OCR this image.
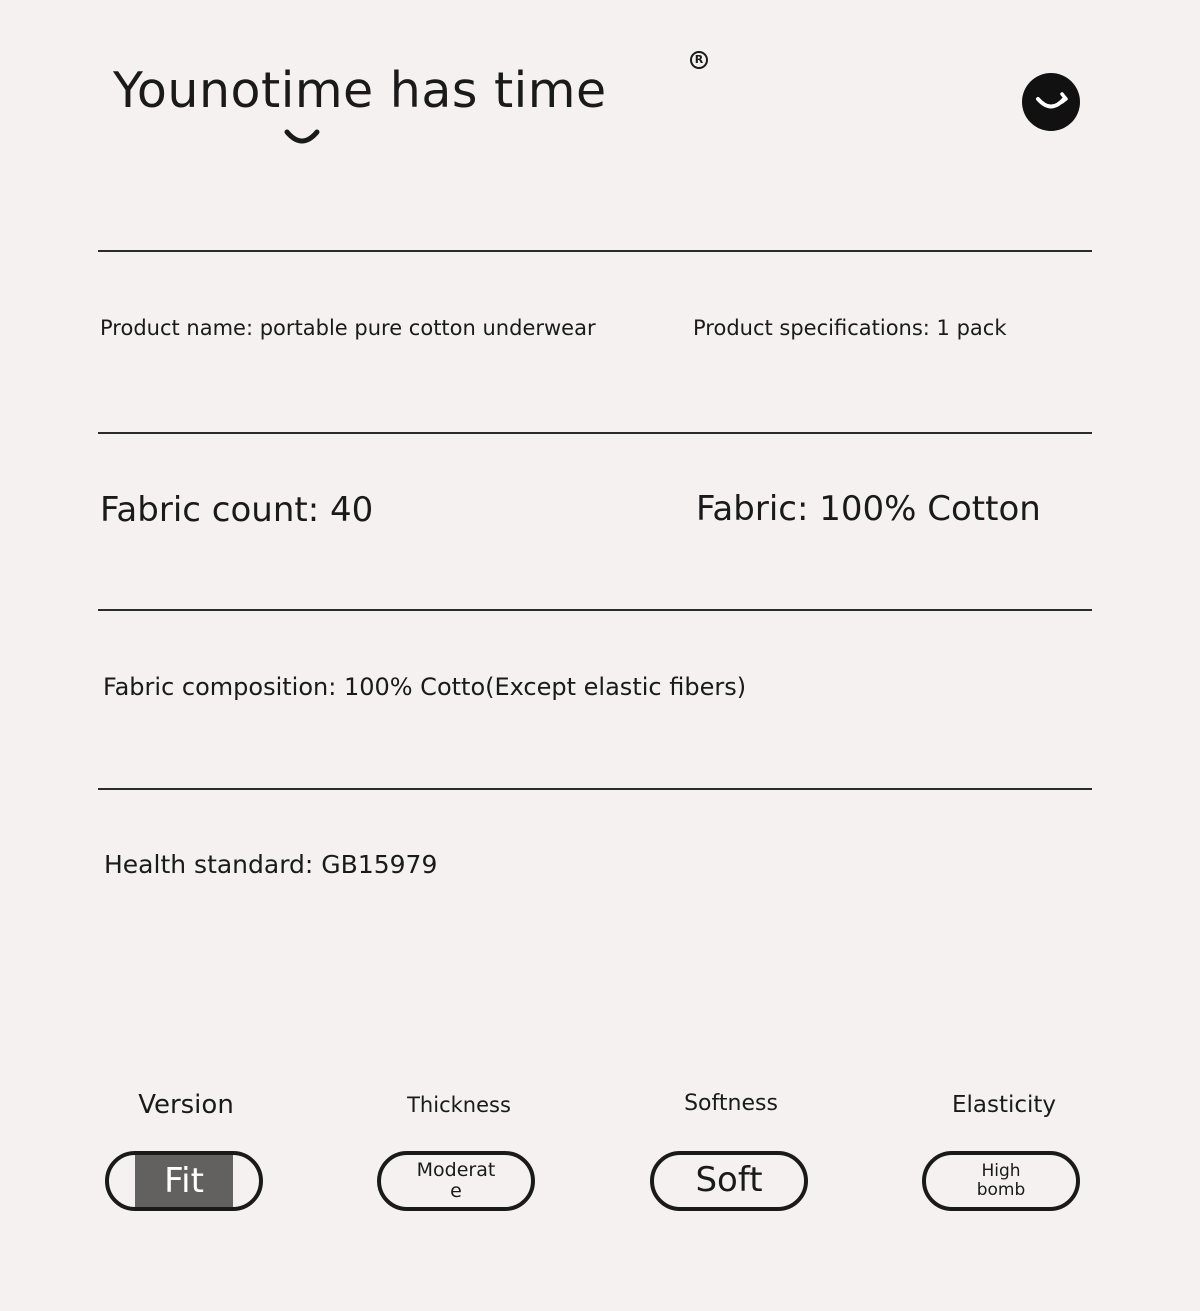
Younotime has time
R
Product name: portable pure cotton underwear	Product specifications: 1 pack
Fabric count: 40	Fabric: 100% Cotton
Fabric composition: 100% Cotto(Except elastic fibers)
Health standard: GB15979
Version	Thickness	Softness	Elasticity
Fit	Moderate	Soft	High bomb
